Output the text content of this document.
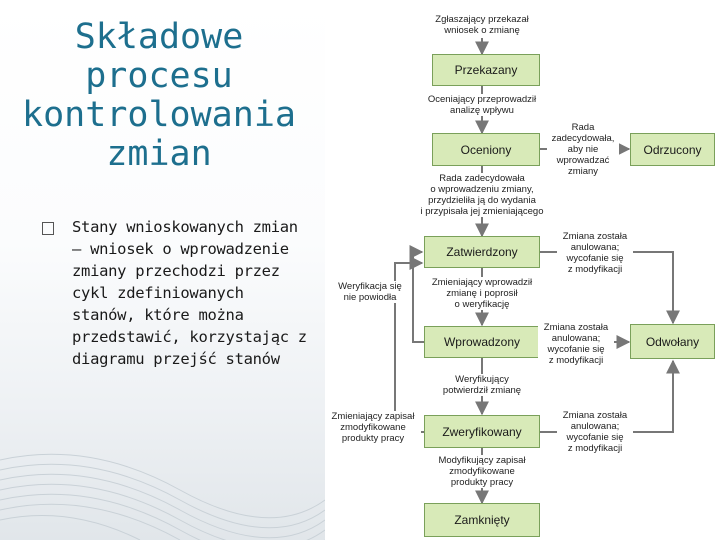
Składowe
procesu
kontrolowania
zmian
Stany wnioskowanych zmian – wniosek o wprowadzenie zmiany przechodzi przez cykl zdefiniowanych stanów, które można przedstawić, korzystając z diagramu przejść stanów
Przekazany
Oceniony	Odrzucony
Zatwierdzony
Wprowadzony	Odwołany
Zweryfikowany
Zamknięty
Zgłaszający przekazał
wniosek o zmianę
Oceniający przeprowadził
analizę wpływu
Rada
zadecydowała,
aby nie
wprowadzać
zmiany
Rada zadecydowała
o wprowadzeniu zmiany,
przydzieliła ją do wydania
i przypisała jej zmieniającego
Zmiana została
anulowana;
wycofanie się
z modyfikacji
Weryfikacja się
nie powiodła
Zmieniający wprowadził
zmianę i poprosił
o weryfikację
Zmiana została
anulowana;
wycofanie się
z modyfikacji
Weryfikujący
potwierdził zmianę
Zmieniający zapisał
zmodyfikowane
produkty pracy
Zmiana została
anulowana;
wycofanie się
z modyfikacji
Modyfikujący zapisał
zmodyfikowane
produkty pracy
